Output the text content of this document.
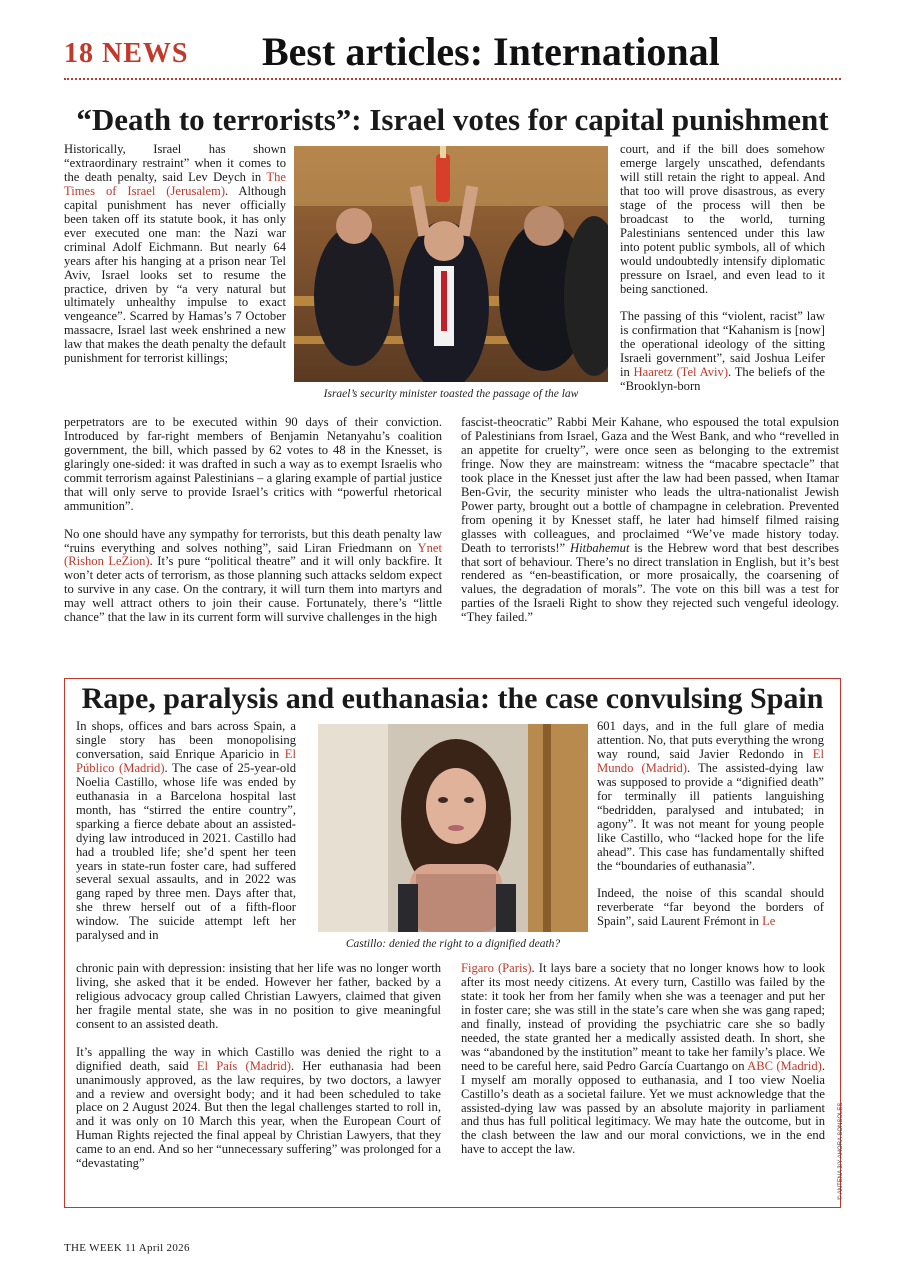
18 NEWS Best articles: International
“Death to terrorists”: Israel votes for capital punishment

Historically, Israel has shown “extraordinary restraint” when it comes to the death penalty, said Lev Deych in The Times of Israel (Jerusalem). Although capital punishment has never officially been taken off its statute book, it has only ever executed one man: the Nazi war criminal Adolf Eichmann. But nearly 64 years after his hanging at a prison near Tel Aviv, Israel looks set to resume the practice, driven by “a very natural but ultimately unhealthy impulse to exact vengeance”. Scarred by Hamas’s 7 October massacre, Israel last week enshrined a new law that makes the death penalty the default punishment for terrorist killings;

Israel’s security minister toasted the passage of the law

court, and if the bill does somehow emerge largely unscathed, defendants will still retain the right to appeal. And that too will prove disastrous, as every stage of the process will then be broadcast to the world, turning Palestinians sentenced under this law into potent public symbols, all of which would undoubtedly intensify diplomatic pressure on Israel, and even lead to it being sanctioned.

The passing of this “violent, racist” law is confirmation that “Kahanism is [now] the operational ideology of the sitting Israeli government”, said Joshua Leifer in Haaretz (Tel Aviv). The beliefs of the “Brooklyn-born

perpetrators are to be executed within 90 days of their conviction. Introduced by far-right members of Benjamin Netanyahu’s coalition government, the bill, which passed by 62 votes to 48 in the Knesset, is glaringly one-sided: it was drafted in such a way as to exempt Israelis who commit terrorism against Palestinians – a glaring example of partial justice that will only serve to provide Israel’s critics with “powerful rhetorical ammunition”.

No one should have any sympathy for terrorists, but this death penalty law “ruins everything and solves nothing”, said Liran Friedmann on Ynet (Rishon LeZion). It’s pure “political theatre” and it will only backfire. It won’t deter acts of terrorism, as those planning such attacks seldom expect to survive in any case. On the contrary, it will turn them into martyrs and may well attract others to join their cause. Fortunately, there’s “little chance” that the law in its current form will survive challenges in the high

fascist-theocratic” Rabbi Meir Kahane, who espoused the total expulsion of Palestinians from Israel, Gaza and the West Bank, and who “revelled in an appetite for cruelty”, were once seen as belonging to the extremist fringe. Now they are mainstream: witness the “macabre spectacle” that took place in the Knesset just after the law had been passed, when Itamar Ben-Gvir, the security minister who leads the ultra-nationalist Jewish Power party, brought out a bottle of champagne in celebration. Prevented from opening it by Knesset staff, he later had himself filmed raising glasses with colleagues, and proclaimed “We’ve made history today. Death to terrorists!” Hitbahemut is the Hebrew word that best describes that sort of behaviour. There’s no direct translation in English, but it’s best rendered as “en-beastification, or more prosaically, the coarsening of values, the degradation of morals”. The vote on this bill was a test for parties of the Israeli Right to show they rejected such vengeful ideology. “They failed.”

Rape, paralysis and euthanasia: the case convulsing Spain

In shops, offices and bars across Spain, a single story has been monopolising conversation, said Enrique Aparicio in El Público (Madrid). The case of 25-year-old Noelia Castillo, whose life was ended by euthanasia in a Barcelona hospital last month, has “stirred the entire country”, sparking a fierce debate about an assisted-dying law introduced in 2021. Castillo had had a troubled life; she’d spent her teen years in state-run foster care, had suffered several sexual assaults, and in 2022 was gang raped by three men. Days after that, she threw herself out of a fifth-floor window. The suicide attempt left her paralysed and in

Castillo: denied the right to a dignified death?

601 days, and in the full glare of media attention. No, that puts everything the wrong way round, said Javier Redondo in El Mundo (Madrid). The assisted-dying law was supposed to provide a “dignified death” for terminally ill patients languishing “bedridden, paralysed and intubated; in agony”. It was not meant for young people like Castillo, who “lacked hope for the life ahead”. This case has fundamentally shifted the “boundaries of euthanasia”.

Indeed, the noise of this scandal should reverberate “far beyond the borders of Spain”, said Laurent Frémont in Le

chronic pain with depression: insisting that her life was no longer worth living, she asked that it be ended. However her father, backed by a religious advocacy group called Christian Lawyers, claimed that given her fragile mental state, she was in no position to give meaningful consent to an assisted death.

It’s appalling the way in which Castillo was denied the right to a dignified death, said El País (Madrid). Her euthanasia had been unanimously approved, as the law requires, by two doctors, a lawyer and a review and oversight body; and it had been scheduled to take place on 2 August 2024. But then the legal challenges started to roll in, and it was only on 10 March this year, when the European Court of Human Rights rejected the final appeal by Christian Lawyers, that they came to an end. And so her “unnecessary suffering” was prolonged for a “devastating”

Figaro (Paris). It lays bare a society that no longer knows how to look after its most needy citizens. At every turn, Castillo was failed by the state: it took her from her family when she was a teenager and put her in foster care; she was still in the state’s care when she was gang raped; and finally, instead of providing the psychiatric care she so badly needed, the state granted her a medically assisted death. In short, she was “abandoned by the institution” meant to take her family’s place. We need to be careful here, said Pedro García Cuartango on ABC (Madrid). I myself am morally opposed to euthanasia, and I too view Noelia Castillo’s death as a societal failure. Yet we must acknowledge that the assisted-dying law was passed by an absolute majority in parliament and thus has full political legitimacy. We may hate the outcome, but in the clash between the law and our moral convictions, we in the end have to accept the law.	© ANTENA 3/Y AHORA SONSOLES
THE WEEK 11 April 2026
